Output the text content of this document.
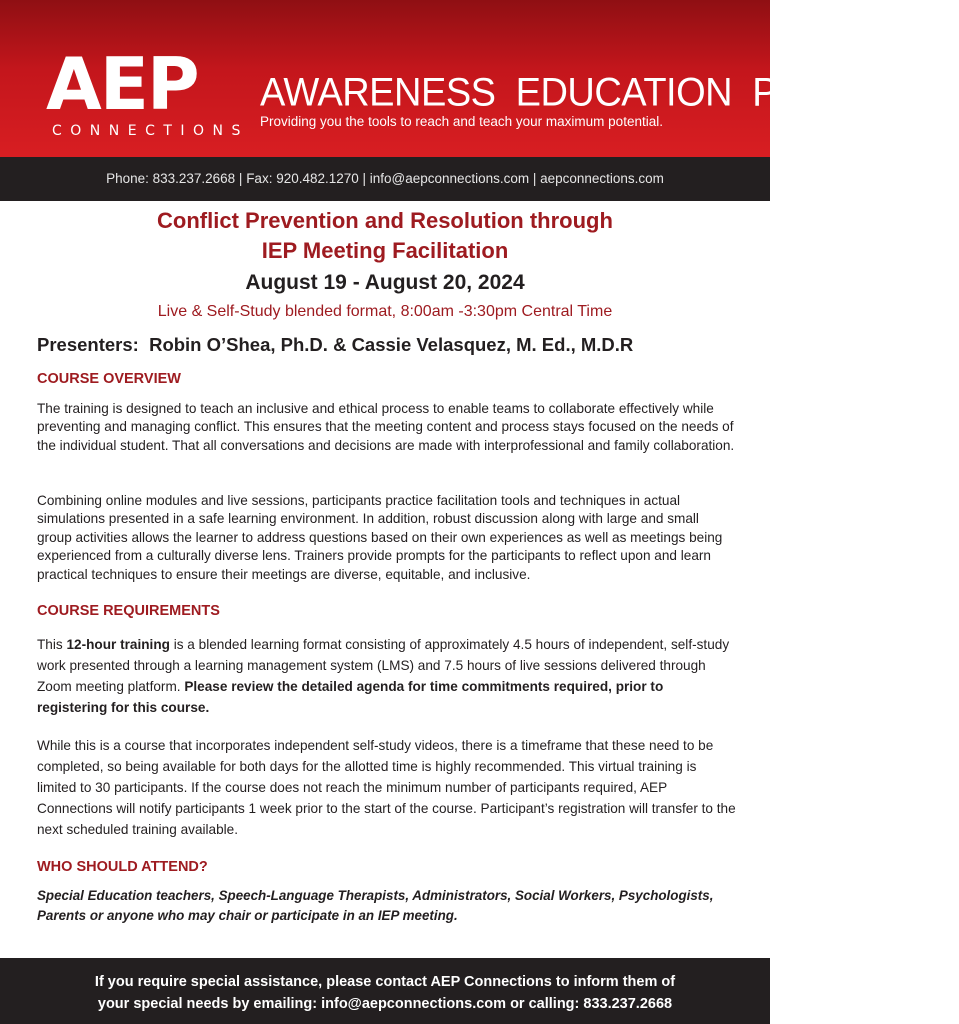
AEP
CONNECTIONS
AWARENESS  EDUCATION  POTENTIAL
Providing you the tools to reach and teach your maximum potential.
Phone: 833.237.2668 | Fax: 920.482.1270 | info@aepconnections.com | aepconnections.com
Conflict Prevention and Resolution through
IEP Meeting Facilitation
August 19 - August 20, 2024
Live & Self-Study blended format, 8:00am -3:30pm Central Time
Presenters:  Robin O’Shea, Ph.D. & Cassie Velasquez, M. Ed., M.D.R
COURSE OVERVIEW
The training is designed to teach an inclusive and ethical process to enable teams to collaborate effectively while preventing and managing conflict. This ensures that the meeting content and process stays focused on the needs of the individual student. That all conversations and decisions are made with interprofessional and family collaboration.
Combining online modules and live sessions, participants practice facilitation tools and techniques in actual simulations presented in a safe learning environment. In addition, robust discussion along with large and small group activities allows the learner to address questions based on their own experiences as well as meetings being experienced from a culturally diverse lens. Trainers provide prompts for the participants to reflect upon and learn practical techniques to ensure their meetings are diverse, equitable, and inclusive.
COURSE REQUIREMENTS
This 12-hour training is a blended learning format consisting of approximately 4.5 hours of independent, self-study work presented through a learning management system (LMS) and 7.5 hours of live sessions delivered through Zoom meeting platform. Please review the detailed agenda for time commitments required, prior to registering for this course.
While this is a course that incorporates independent self-study videos, there is a timeframe that these need to be completed, so being available for both days for the allotted time is highly recommended. This virtual training is limited to 30 participants. If the course does not reach the minimum number of participants required, AEP Connections will notify participants 1 week prior to the start of the course. Participant’s registration will transfer to the next scheduled training available.
WHO SHOULD ATTEND?
Special Education teachers, Speech-Language Therapists, Administrators, Social Workers, Psychologists, Parents or anyone who may chair or participate in an IEP meeting.
If you require special assistance, please contact AEP Connections to inform them of
your special needs by emailing: info@aepconnections.com or calling: 833.237.2668
